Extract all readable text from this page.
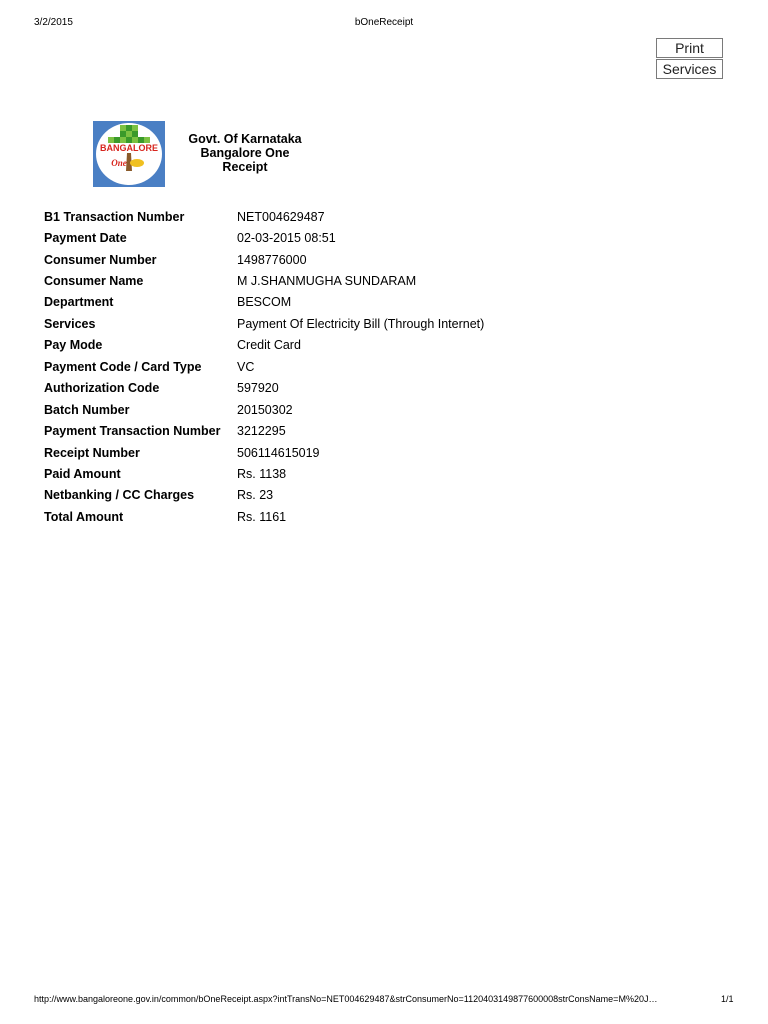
3/2/2015	bOneReceipt
Print
Services
BANGALORE
One
Govt. Of Karnataka
Bangalore One
Receipt
B1 Transaction Number	NET004629487
Payment Date	02-03-2015 08:51
Consumer Number	1498776000
Consumer Name	M J.SHANMUGHA SUNDARAM
Department	BESCOM
Services	Payment Of Electricity Bill (Through Internet)
Pay Mode	Credit Card
Payment Code / Card Type	VC
Authorization Code	597920
Batch Number	20150302
Payment Transaction Number	3212295
Receipt Number	506114615019
Paid Amount	Rs. 1138
Netbanking / CC Charges	Rs. 23
Total Amount	Rs. 1161
http://www.bangaloreone.gov.in/common/bOneReceipt.aspx?intTransNo=NET004629487&strConsumerNo=1120403149877600008strConsName=M%20J…	1/1
